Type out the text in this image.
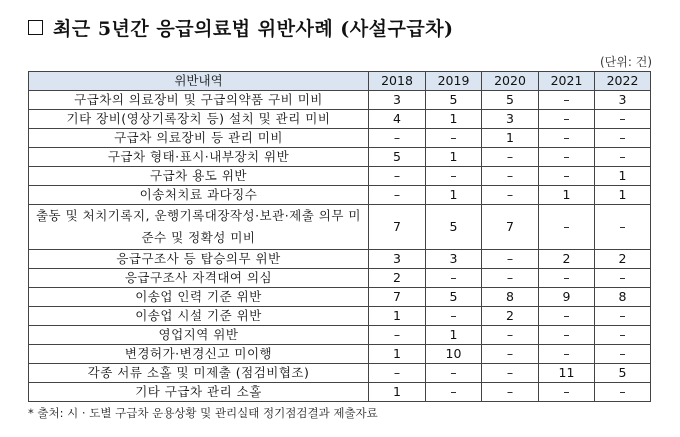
최근 5년간 응급의료법 위반사례 (사설구급차)
(단위: 건)
위반내역	2018	2019	2020	2021	2022
구급차의 의료장비 및 구급의약품 구비 미비	3	5	5	–	3
기타 장비(영상기록장치 등) 설치 및 관리 미비	4	1	3	–	–
구급차 의료장비 등 관리 미비	–	–	1	–	–
구급차 형태·표시·내부장치 위반	5	1	–	–	–
구급차 용도 위반	–	–	–	–	1
이송처치료 과다징수	–	1	–	1	1
출동 및 처치기록지, 운행기록대장작성·보관·제출 의무 미준수 및 정확성 미비	7	5	7	–	–
응급구조사 등 탑승의무 위반	3	3	–	2	2
응급구조사 자격대여 의심	2	–	–	–	–
이송업 인력 기준 위반	7	5	8	9	8
이송업 시설 기준 위반	1	–	2	–	–
영업지역 위반	–	1	–	–	–
변경허가·변경신고 미이행	1	10	–	–	–
각종 서류 소홀 및 미제출 (점검비협조)	–	–	–	11	5
기타 구급차 관리 소홀	1	–	–	–	–
* 출처: 시 · 도별 구급차 운용상황 및 관리실태 정기점검결과 제출자료
